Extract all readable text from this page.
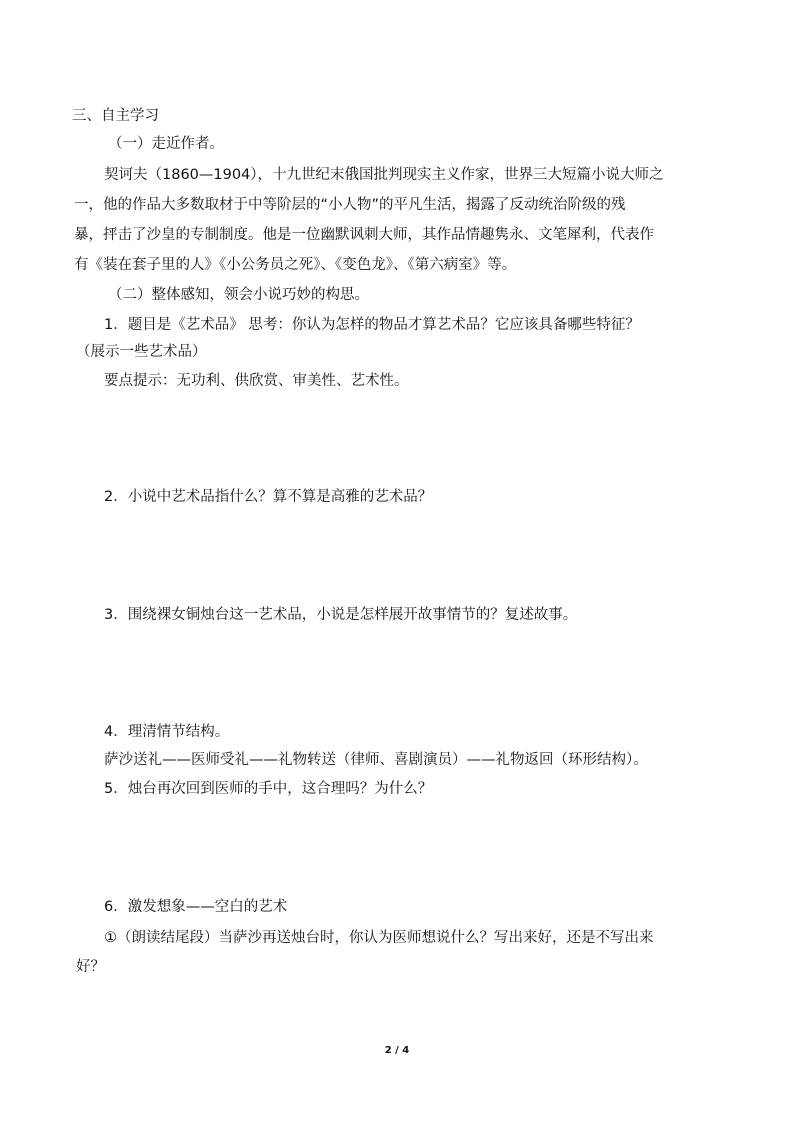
三、自主学习
（一）走近作者。
契诃夫（1860—1904），十九世纪末俄国批判现实主义作家，世界三大短篇小说大师之
一，他的作品大多数取材于中等阶层的“小人物”的平凡生活，揭露了反动统治阶级的残
暴，抨击了沙皇的专制制度。他是一位幽默讽刺大师，其作品情趣隽永、文笔犀利，代表作
有《装在套子里的人》《小公务员之死》、《变色龙》、《第六病室》等。
（二）整体感知，领会小说巧妙的构思。
1．题目是《艺术品》 思考：你认为怎样的物品才算艺术品？它应该具备哪些特征？
（展示一些艺术品）
要点提示：无功利、供欣赏、审美性、艺术性。
2．小说中艺术品指什么？算不算是高雅的艺术品？
3．围绕裸女铜烛台这一艺术品，小说是怎样展开故事情节的？复述故事。
4．理清情节结构。
萨沙送礼——医师受礼——礼物转送（律师、喜剧演员）——礼物返回（环形结构）。
5．烛台再次回到医师的手中，这合理吗？为什么？
6．激发想象——空白的艺术
①（朗读结尾段）当萨沙再送烛台时，你认为医师想说什么？写出来好，还是不写出来
好？
2 / 4
